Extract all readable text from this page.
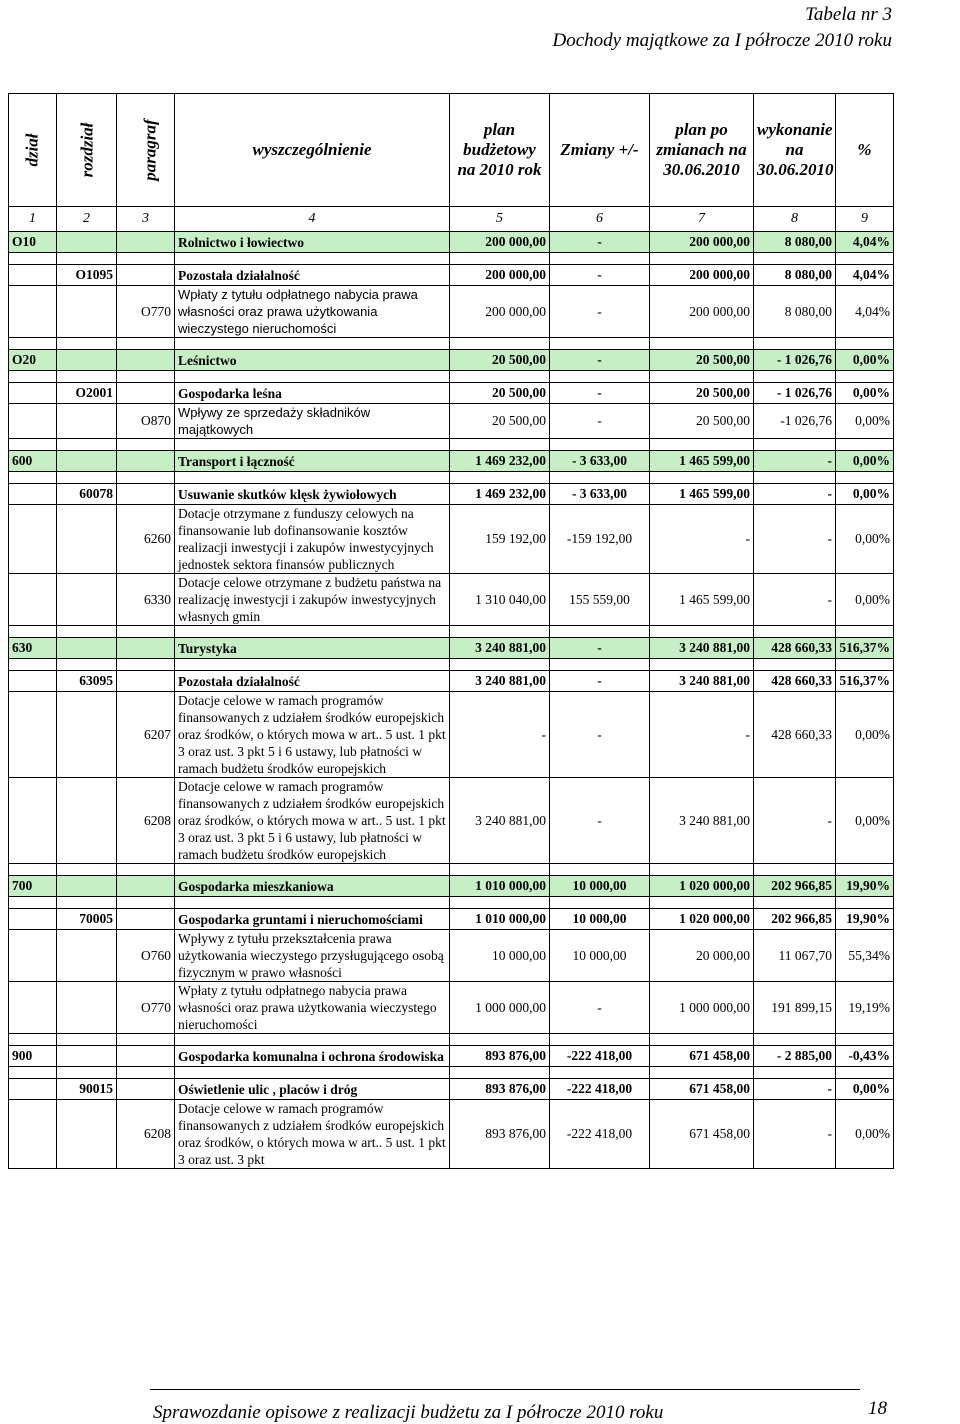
Tabela nr 3
Dochody majątkowe za I półrocze 2010 roku
dział	rozdział	paragraf	wyszczególnienie	plan budżetowy na 2010 rok	Zmiany +/-	plan po zmianach na 30.06.2010	wykonanie na 30.06.2010	%
1	2	3	4	5	6	7	8	9
O10			Rolnictwo i łowiectwo	200 000,00	-	200 000,00	8 080,00	4,04%

	O1095		Pozostała działalność	200 000,00	-	200 000,00	8 080,00	4,04%
		O770	Wpłaty z tytułu odpłatnego nabycia prawa własności oraz prawa użytkowania wieczystego nieruchomości	200 000,00	-	200 000,00	8 080,00	4,04%

O20			Leśnictwo	20 500,00	-	20 500,00	- 1 026,76	0,00%

	O2001		Gospodarka leśna	20 500,00	-	20 500,00	- 1 026,76	0,00%
		O870	Wpływy ze sprzedaży składników majątkowych	20 500,00	-	20 500,00	-1 026,76	0,00%

600			Transport i łączność	1 469 232,00	- 3 633,00	1 465 599,00	-	0,00%

	60078		Usuwanie skutków klęsk żywiołowych	1 469 232,00	- 3 633,00	1 465 599,00	-	0,00%
		6260	Dotacje otrzymane z funduszy celowych na finansowanie lub dofinansowanie kosztów realizacji inwestycji i zakupów inwestycyjnych jednostek sektora finansów publicznych	159 192,00	-159 192,00	-	-	0,00%
		6330	Dotacje celowe otrzymane z budżetu państwa na realizację inwestycji i zakupów inwestycyjnych własnych gmin	1 310 040,00	155 559,00	1 465 599,00	-	0,00%

630			Turystyka	3 240 881,00	-	3 240 881,00	428 660,33	516,37%

	63095		Pozostała działalność	3 240 881,00	-	3 240 881,00	428 660,33	516,37%
		6207	Dotacje celowe w ramach programów finansowanych z udziałem środków europejskich oraz środków, o których mowa w art.. 5 ust. 1 pkt 3 oraz ust. 3 pkt 5 i 6 ustawy, lub płatności w ramach budżetu środków europejskich	-	-	-	428 660,33	0,00%
		6208	Dotacje celowe w ramach programów finansowanych z udziałem środków europejskich oraz środków, o których mowa w art.. 5 ust. 1 pkt 3 oraz ust. 3 pkt 5 i 6 ustawy, lub płatności w ramach budżetu środków europejskich	3 240 881,00	-	3 240 881,00	-	0,00%

700			Gospodarka mieszkaniowa	1 010 000,00	10 000,00	1 020 000,00	202 966,85	19,90%

	70005		Gospodarka gruntami i nieruchomościami	1 010 000,00	10 000,00	1 020 000,00	202 966,85	19,90%
		O760	Wpływy z tytułu przekształcenia prawa użytkowania wieczystego przysługującego osobą fizycznym w prawo własności	10 000,00	10 000,00	20 000,00	11 067,70	55,34%
		O770	Wpłaty z tytułu odpłatnego nabycia prawa własności oraz prawa użytkowania wieczystego nieruchomości	1 000 000,00	-	1 000 000,00	191 899,15	19,19%

900			Gospodarka komunalna i ochrona środowiska	893 876,00	-222 418,00	671 458,00	- 2 885,00	-0,43%

	90015		Oświetlenie ulic , placów i dróg	893 876,00	-222 418,00	671 458,00	-	0,00%
		6208	Dotacje celowe w ramach programów finansowanych z udziałem środków europejskich oraz środków, o których mowa w art.. 5 ust. 1 pkt 3 oraz ust. 3 pkt	893 876,00	-222 418,00	671 458,00	-	0,00%
Sprawozdanie opisowe z realizacji budżetu za I półrocze 2010 roku	18
